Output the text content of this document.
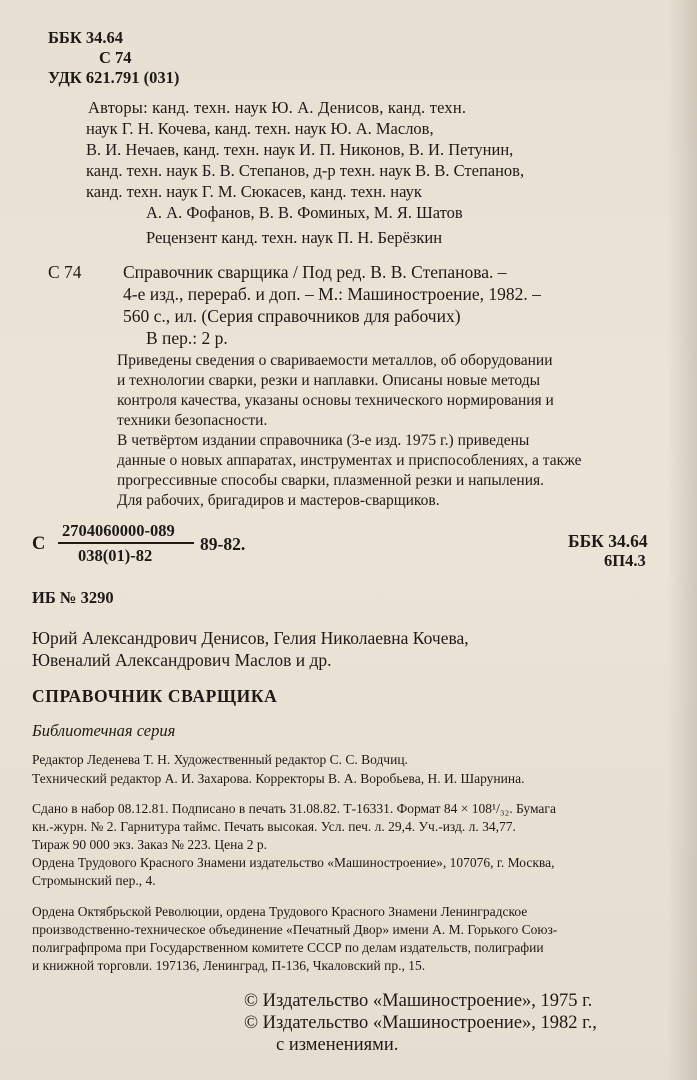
ББК 34.64
С 74
УДК 621.791 (031)
Авторы: канд. техн. наук Ю. А. Денисов, канд. техн.
наук Г. Н. Кочева, канд. техн. наук Ю. А. Маслов,
В. И. Нечаев, канд. техн. наук И. П. Никонов, В. И. Петунин,
канд. техн. наук Б. В. Степанов, д-р техн. наук В. В. Степанов,
канд. техн. наук Г. М. Сюкасев, канд. техн. наук
А. А. Фофанов, В. В. Фоминых, М. Я. Шатов
Рецензент канд. техн. наук П. Н. Берёзкин
С 74 Справочник сварщика / Под ред. В. В. Степанова. –
4-е изд., перераб. и доп. – М.: Машиностроение, 1982. –
560 с., ил. (Серия справочников для рабочих)
В пер.: 2 р.
Приведены сведения о свариваемости металлов, об оборудовании
и технологии сварки, резки и наплавки. Описаны новые методы
контроля качества, указаны основы технического нормирования и
техники безопасности.
В четвёртом издании справочника (3-е изд. 1975 г.) приведены
данные о новых аппаратах, инструментах и приспособлениях, а также
прогрессивные способы сварки, плазменной резки и напыления.
Для рабочих, бригадиров и мастеров-сварщиков.
С
2704060000-089
038(01)-82
89-82.	ББК 34.64
6П4.3
ИБ № 3290
Юрий Александрович Денисов, Гелия Николаевна Кочева,
Ювеналий Александрович Маслов и др.
СПРАВОЧНИК СВАРЩИКА
Библиотечная серия
Редактор Леденева Т. Н. Художественный редактор С. С. Водчиц.
Технический редактор А. И. Захарова. Корректоры В. А. Воробьева, Н. И. Шарунина.
Сдано в набор 08.12.81. Подписано в печать 31.08.82. Т-16331. Формат 84 × 108¹/₃₂. Бумага
кн.-журн. № 2. Гарнитура таймс. Печать высокая. Усл. печ. л. 29,4. Уч.-изд. л. 34,77.
Тираж 90 000 экз. Заказ № 223. Цена 2 р.
Ордена Трудового Красного Знамени издательство «Машиностроение», 107076, г. Москва,
Стромынский пер., 4.
Ордена Октябрьской Революции, ордена Трудового Красного Знамени Ленинградское
производственно-техническое объединение «Печатный Двор» имени А. М. Горького Союз-
полиграфпрома при Государственном комитете СССР по делам издательств, полиграфии
и книжной торговли. 197136, Ленинград, П-136, Чкаловский пр., 15.
© Издательство «Машиностроение», 1975 г.
© Издательство «Машиностроение», 1982 г.,
с изменениями.
